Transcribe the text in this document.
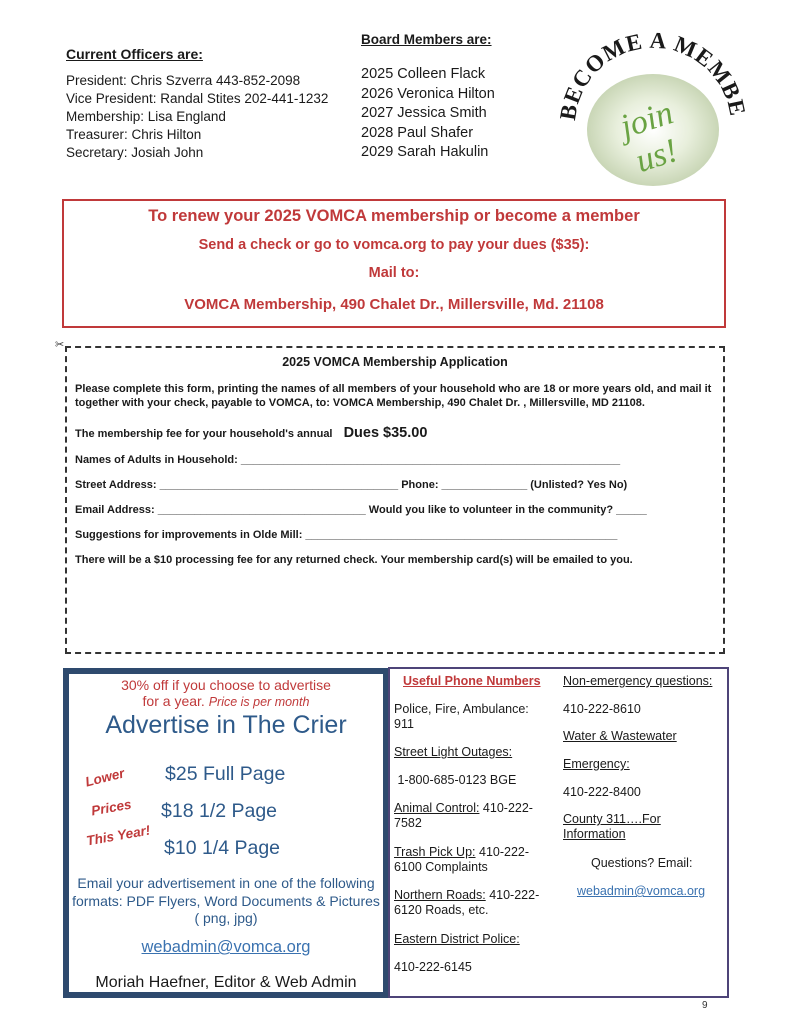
Current Officers are:
President: Chris Szverra 443-852-2098
Vice President: Randal Stites 202-441-1232
Membership: Lisa England
Treasurer: Chris Hilton
Secretary: Josiah John
Board Members are:
2025 Colleen Flack
2026 Veronica Hilton
2027 Jessica Smith
2028 Paul Shafer
2029 Sarah Hakulin
BECOME A MEMBE
join
us!
To renew your 2025 VOMCA membership or become a member
Send a check or go to vomca.org to pay your dues ($35):
Mail to:
VOMCA Membership, 490 Chalet Dr., Millersville, Md. 21108
✂
2025 VOMCA Membership Application
Please complete this form, printing the names of all members of your household who are 18 or more years old, and mail it together with your check, payable to VOMCA, to: VOMCA Membership, 490 Chalet Dr. , Millersville, MD 21108.
The membership fee for your household's annual Dues $35.00
Names of Adults in Household: ______________________________________________________________
Street Address: _______________________________________ Phone: ______________ (Unlisted? Yes No)
Email Address: __________________________________ Would you like to volunteer in the community? _____
Suggestions for improvements in Olde Mill: ___________________________________________________
There will be a $10 processing fee for any returned check. Your membership card(s) will be emailed to you.
30% off if you choose to advertise
for a year. Price is per month
Advertise in The Crier
Lower
Prices
This Year!
$25 Full Page
$18 1/2 Page
$10 1/4 Page
Email your advertisement in one of the following formats: PDF Flyers, Word Documents & Pictures ( png, jpg)
webadmin@vomca.org
Moriah Haefner, Editor & Web Admin
Useful Phone Numbers
Police, Fire, Ambulance:
911
Street Light Outages:
1-800-685-0123 BGE
Animal Control: 410-222-7582
Trash Pick Up: 410-222-6100 Complaints
Northern Roads: 410-222-6120 Roads, etc.
Eastern District Police:
410-222-6145
Non-emergency questions:
410-222-8610
Water & Wastewater
Emergency:
410-222-8400
County 311….For Information
Questions? Email:
webadmin@vomca.org
9
